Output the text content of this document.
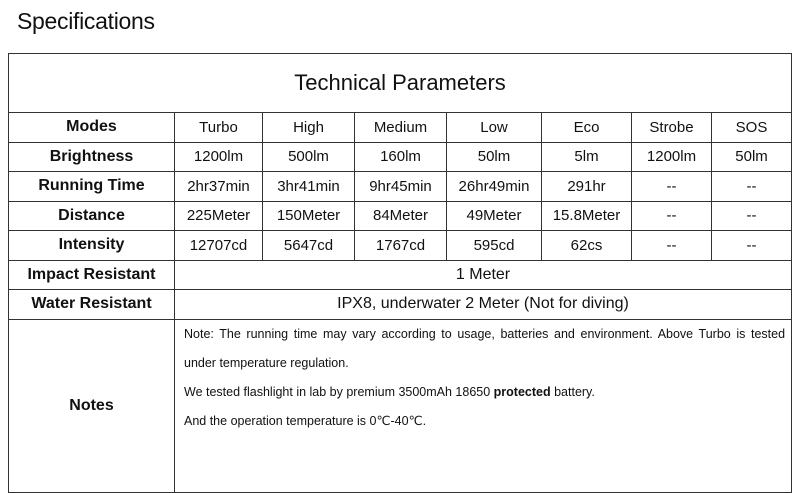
Specifications
Technical Parameters							
Modes	Turbo	High	Medium	Low	Eco	Strobe	SOS
Brightness	1200lm	500lm	160lm	50lm	5lm	1200lm	50lm
Running Time	2hr37min	3hr41min	9hr45min	26hr49min	291hr	--	--
Distance	225Meter	150Meter	84Meter	49Meter	15.8Meter	--	--
Intensity	12707cd	5647cd	1767cd	595cd	62cs	--	--
Impact Resistant	1 Meter						
Water Resistant	IPX8, underwater 2 Meter (Not for diving)						
Notes	Note: The running time may vary according to usage, batteries and environment. Above Turbo is tested under temperature regulation.

We tested flashlight in lab by premium 3500mAh 18650 protected battery.

And the operation temperature is 0℃-40℃.						
